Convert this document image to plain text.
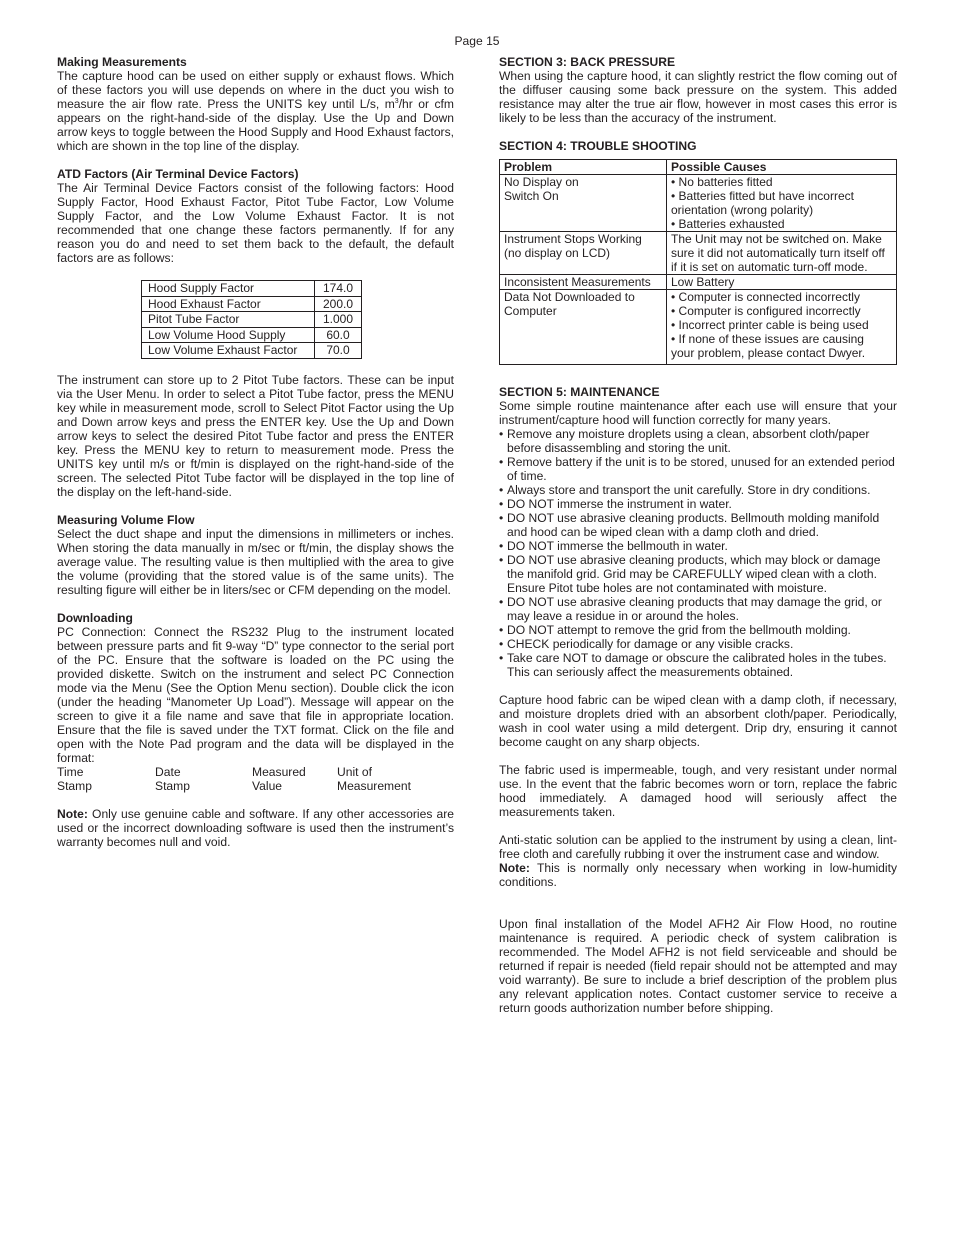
Page 15

Making Measurements

The capture hood can be used on either supply or exhaust flows. Which of these factors you will use depends on where in the duct you wish to measure the air flow rate. Press the UNITS key until L/s, $m^3/hr$ or cfm appears on the right-hand-side of the display. Use the Up and Down arrow keys to toggle between the Hood Supply and Hood Exhaust factors, which are shown in the top line of the display.

ATD Factors (Air Terminal Device Factors)

The Air Terminal Device Factors consist of the following factors: Hood Supply Factor, Hood Exhaust Factor, Pitot Tube Factor, Low Volume Supply Factor, and the Low Volume Exhaust Factor. It is not recommended that one change these factors permanently. If for any reason you do and need to set them back to the default, the default factors are as follows:

Hood Supply Factor	174.0
Hood Exhaust Factor	200.0
Pitot Tube Factor	1.000
Low Volume Hood Supply	60.0
Low Volume Exhaust Factor	70.0

The instrument can store up to 2 Pitot Tube factors. These can be input via the User Menu. In order to select a Pitot Tube factor, press the MENU key while in measurement mode, scroll to Select Pitot Factor using the Up and Down arrow keys and press the ENTER key. Use the Up and Down arrow keys to select the desired Pitot Tube factor and press the ENTER key. Press the MENU key to return to measurement mode. Press the UNITS key until m/s or ft/min is displayed on the right-hand-side of the screen. The selected Pitot Tube factor will be displayed in the top line of the display on the left-hand-side.

Measuring Volume Flow

Select the duct shape and input the dimensions in millimeters or inches. When storing the data manually in m/sec or ft/min, the display shows the average value. The resulting value is then multiplied with the area to give the volume (providing that the stored value is of the same units). The resulting figure will either be in liters/sec or CFM depending on the model.

Downloading

PC Connection: Connect the RS232 Plug to the instrument located between pressure parts and fit 9-way “D” type connector to the serial port of the PC. Ensure that the software is loaded on the PC using the provided diskette. Switch on the instrument and select PC Connection mode via the Menu (See the Option Menu section). Double click the icon (under the heading “Manometer Up Load”). Message will appear on the screen to give it a file name and save that file in appropriate location. Ensure that the file is saved under the TXT format. Click on the file and open with the Note Pad program and the data will be displayed in the format:

Time	Date	Measured	Unit of
Stamp	Stamp	Value	Measurement

Note: Only use genuine cable and software. If any other accessories are used or the incorrect downloading software is used then the instrument’s warranty becomes null and void.

SECTION 3: BACK PRESSURE

When using the capture hood, it can slightly restrict the flow coming out of the diffuser causing some back pressure on the system. This added resistance may alter the true air flow, however in most cases this error is likely to be less than the accuracy of the instrument.

SECTION 4: TROUBLE SHOOTING

Problem	Possible Causes

No Display on
Switch On	• No batteries fitted
• Batteries fitted but have incorrect
orientation (wrong polarity)
• Batteries exhausted

Instrument Stops Working
(no display on LCD)	The Unit may not be switched on. Make
sure it did not automatically turn itself off
if it is set on automatic turn-off mode.

Inconsistent Measurements	Low Battery

Data Not Downloaded to
Computer	• Computer is connected incorrectly
• Computer is configured incorrectly
• Incorrect printer cable is being used
• If none of these issues are causing
your problem, please contact Dwyer.

SECTION 5: MAINTENANCE

Some simple routine maintenance after each use will ensure that your instrument/capture hood will function correctly for many years.

• Remove any moisture droplets using a clean, absorbent cloth/paper before disassembling and storing the unit.
• Remove battery if the unit is to be stored, unused for an extended period of time.
• Always store and transport the unit carefully. Store in dry conditions.
• DO NOT immerse the instrument in water.
• DO NOT use abrasive cleaning products. Bellmouth molding manifold and hood can be wiped clean with a damp cloth and dried.
• DO NOT immerse the bellmouth in water.
• DO NOT use abrasive cleaning products, which may block or damage the manifold grid. Grid may be CAREFULLY wiped clean with a cloth. Ensure Pitot tube holes are not contaminated with moisture.
• DO NOT use abrasive cleaning products that may damage the grid, or may leave a residue in or around the holes.
• DO NOT attempt to remove the grid from the bellmouth molding.
• CHECK periodically for damage or any visible cracks.
• Take care NOT to damage or obscure the calibrated holes in the tubes. This can seriously affect the measurements obtained.

Capture hood fabric can be wiped clean with a damp cloth, if necessary, and moisture droplets dried with an absorbent cloth/paper. Periodically, wash in cool water using a mild detergent. Drip dry, ensuring it cannot become caught on any sharp objects.

The fabric used is impermeable, tough, and very resistant under normal use. In the event that the fabric becomes worn or torn, replace the fabric hood immediately. A damaged hood will seriously affect the measurements taken.

Anti-static solution can be applied to the instrument by using a clean, lint-free cloth and carefully rubbing it over the instrument case and window.
Note: This is normally only necessary when working in low-humidity conditions.

Upon final installation of the Model AFH2 Air Flow Hood, no routine maintenance is required. A periodic check of system calibration is recommended. The Model AFH2 is not field serviceable and should be returned if repair is needed (field repair should not be attempted and may void warranty). Be sure to include a brief description of the problem plus any relevant application notes. Contact customer service to receive a return goods authorization number before shipping.
